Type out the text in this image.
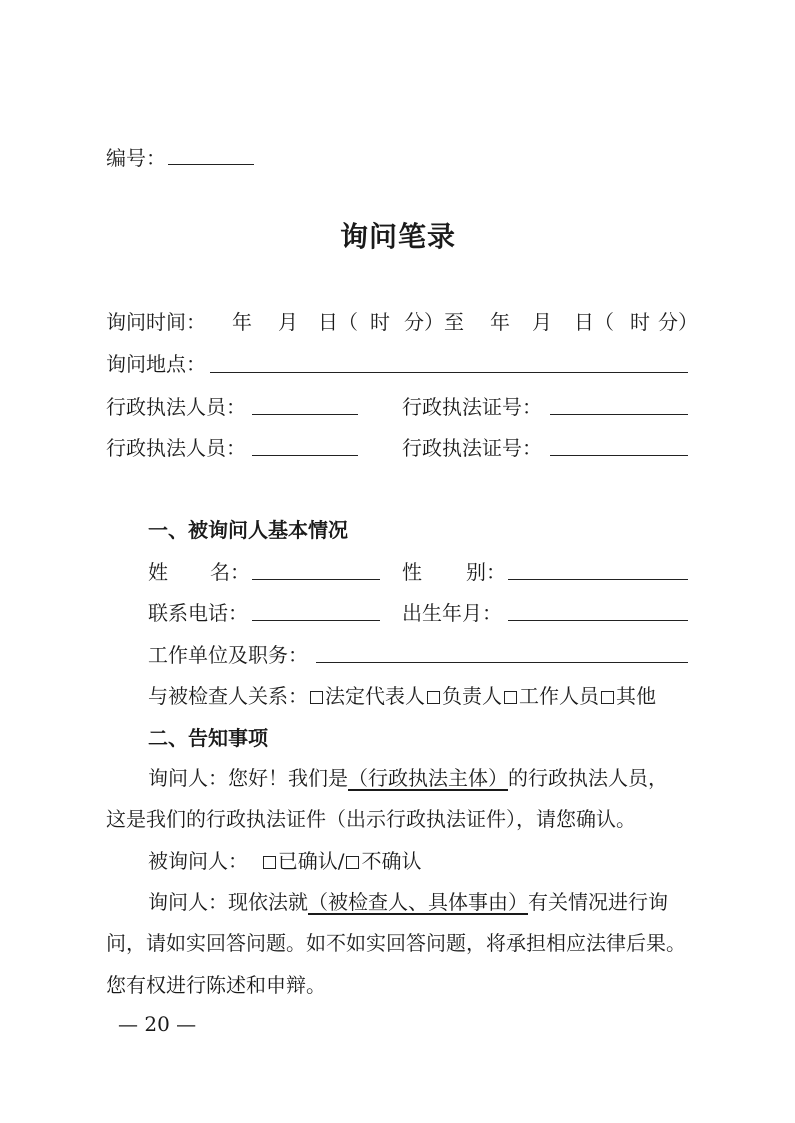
编号：
询问笔录
询问时间： 年 月 日（ 时 分）至 年 月 日（ 时 分）
询问地点：
行政执法人员：	行政执法证号：
行政执法人员：	行政执法证号：
一、被询问人基本情况
姓 名：	性 别：
联系电话：	出生年月：
工作单位及职务：
与被检查人关系： 法定代表人 负责人 工作人员 其他
二、告知事项
询问人：您好！我们是（行政执法主体）的行政执法人员，
这是我们的行政执法证件（出示行政执法证件），请您确认。
被询问人： 已确认/ 不确认
询问人：现依法就（被检查人、具体事由）有关情况进行询
问，请如实回答问题。如不如实回答问题，将承担相应法律后果。
您有权进行陈述和申辩。
— 20 —
